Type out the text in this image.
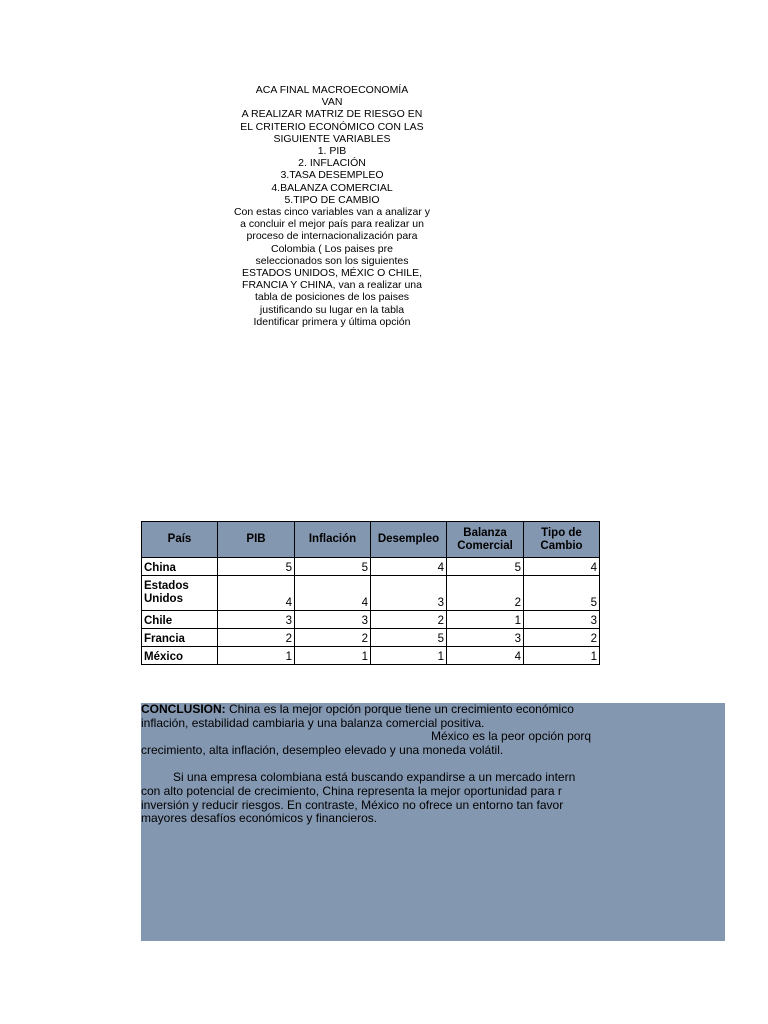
ACA FINAL MACROECONOMÍA
VAN
A REALIZAR MATRIZ DE RIESGO EN
EL CRITERIO ECONÓMICO CON LAS
SIGUIENTE VARIABLES
1. PIB
2. INFLACIÓN
3.TASA DESEMPLEO
4.BALANZA COMERCIAL
5.TIPO DE CAMBIO
Con estas cinco variables van a analizar y
a concluir el mejor país para realizar un
proceso de internacionalización para
Colombia ( Los paises pre
seleccionados son los siguientes
ESTADOS UNIDOS, MÉXIC O CHILE,
FRANCIA Y CHINA, van a realizar una
tabla de posiciones de los paises
justificando su lugar en la tabla
Identificar primera y última opción
País	PIB	Inflación	Desempleo	Balanza Comercial	Tipo de Cambio
China	5	5	4	5	4
Estados Unidos	4	4	3	2	5
Chile	3	3	2	1	3
Francia	2	2	5	3	2
México	1	1	1	4	1

CONCLUSION: China es la mejor opción porque tiene un crecimiento económico

inflación, estabilidad cambiaria y una balanza comercial positiva.

México es la peor opción porq

crecimiento, alta inflación, desempleo elevado y una moneda volátil.

Si una empresa colombiana está buscando expandirse a un mercado intern

con alto potencial de crecimiento, China representa la mejor oportunidad para r

inversión y reducir riesgos. En contraste, México no ofrece un entorno tan favor

mayores desafíos económicos y financieros.
